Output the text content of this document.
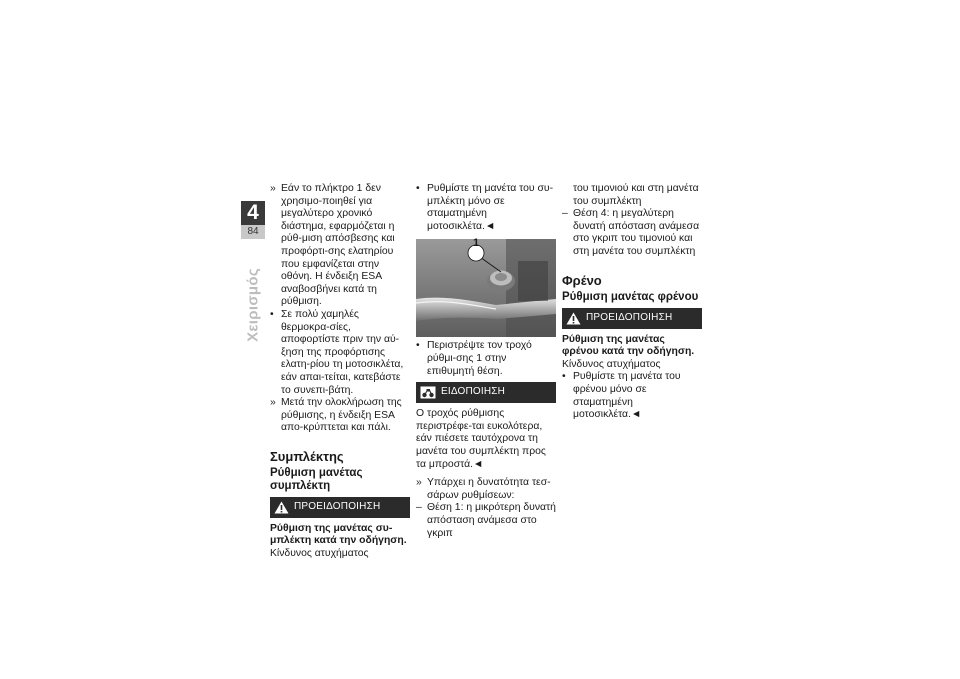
4
84
Χειρισμός
» Εάν το πλήκτρο 1 δεν χρησιμο-ποιηθεί για μεγαλύτερο χρονικό διάστημα, εφαρμόζεται η ρύθ-μιση απόσβεσης και προφόρτι-σης ελατηρίου που εμφανίζεται στην οθόνη. Η ένδειξη ESA αναβοσβήνει κατά τη ρύθμιση.
• Σε πολύ χαμηλές θερμοκρα-σίες, αποφορτίστε πριν την αύ-ξηση της προφόρτισης ελατη-ρίου τη μοτοσικλέτα, εάν απαι-τείται, κατεβάστε το συνεπι-βάτη.
» Μετά την ολοκλήρωση της ρύθμισης, η ένδειξη ESA απο-κρύπτεται και πάλι.
Συμπλέκτης
Ρύθμιση μανέτας συμπλέκτη
ΠΡΟΕΙΔΟΠΟΙΗΣΗ
Ρύθμιση της μανέτας συ-μπλέκτη κατά την οδήγηση.
Κίνδυνος ατυχήματος
• Ρυθμίστε τη μανέτα του συ-μπλέκτη μόνο σε σταματημένη μοτοσικλέτα.◄
1
• Περιστρέψτε τον τροχό ρύθμι-σης 1 στην επιθυμητή θέση.
ΕΙΔΟΠΟΙΗΣΗ
Ο τροχός ρύθμισης περιστρέφε-ται ευκολότερα, εάν πιέσετε ταυτόχρονα τη μανέτα του συμπλέκτη προς τα μπροστά.◄
» Υπάρχει η δυνατότητα τεσ-σάρων ρυθμίσεων:
– Θέση 1: η μικρότερη δυνατή απόσταση ανάμεσα στο γκριπ
του τιμονιού και στη μανέτα του συμπλέκτη
– Θέση 4: η μεγαλύτερη δυνατή απόσταση ανάμεσα στο γκριπ του τιμονιού και στη μανέτα του συμπλέκτη
Φρένο
Ρύθμιση μανέτας φρένου
ΠΡΟΕΙΔΟΠΟΙΗΣΗ
Ρύθμιση της μανέτας φρένου κατά την οδήγηση.
Κίνδυνος ατυχήματος
• Ρυθμίστε τη μανέτα του φρένου μόνο σε σταματημένη μοτοσικλέτα.◄
